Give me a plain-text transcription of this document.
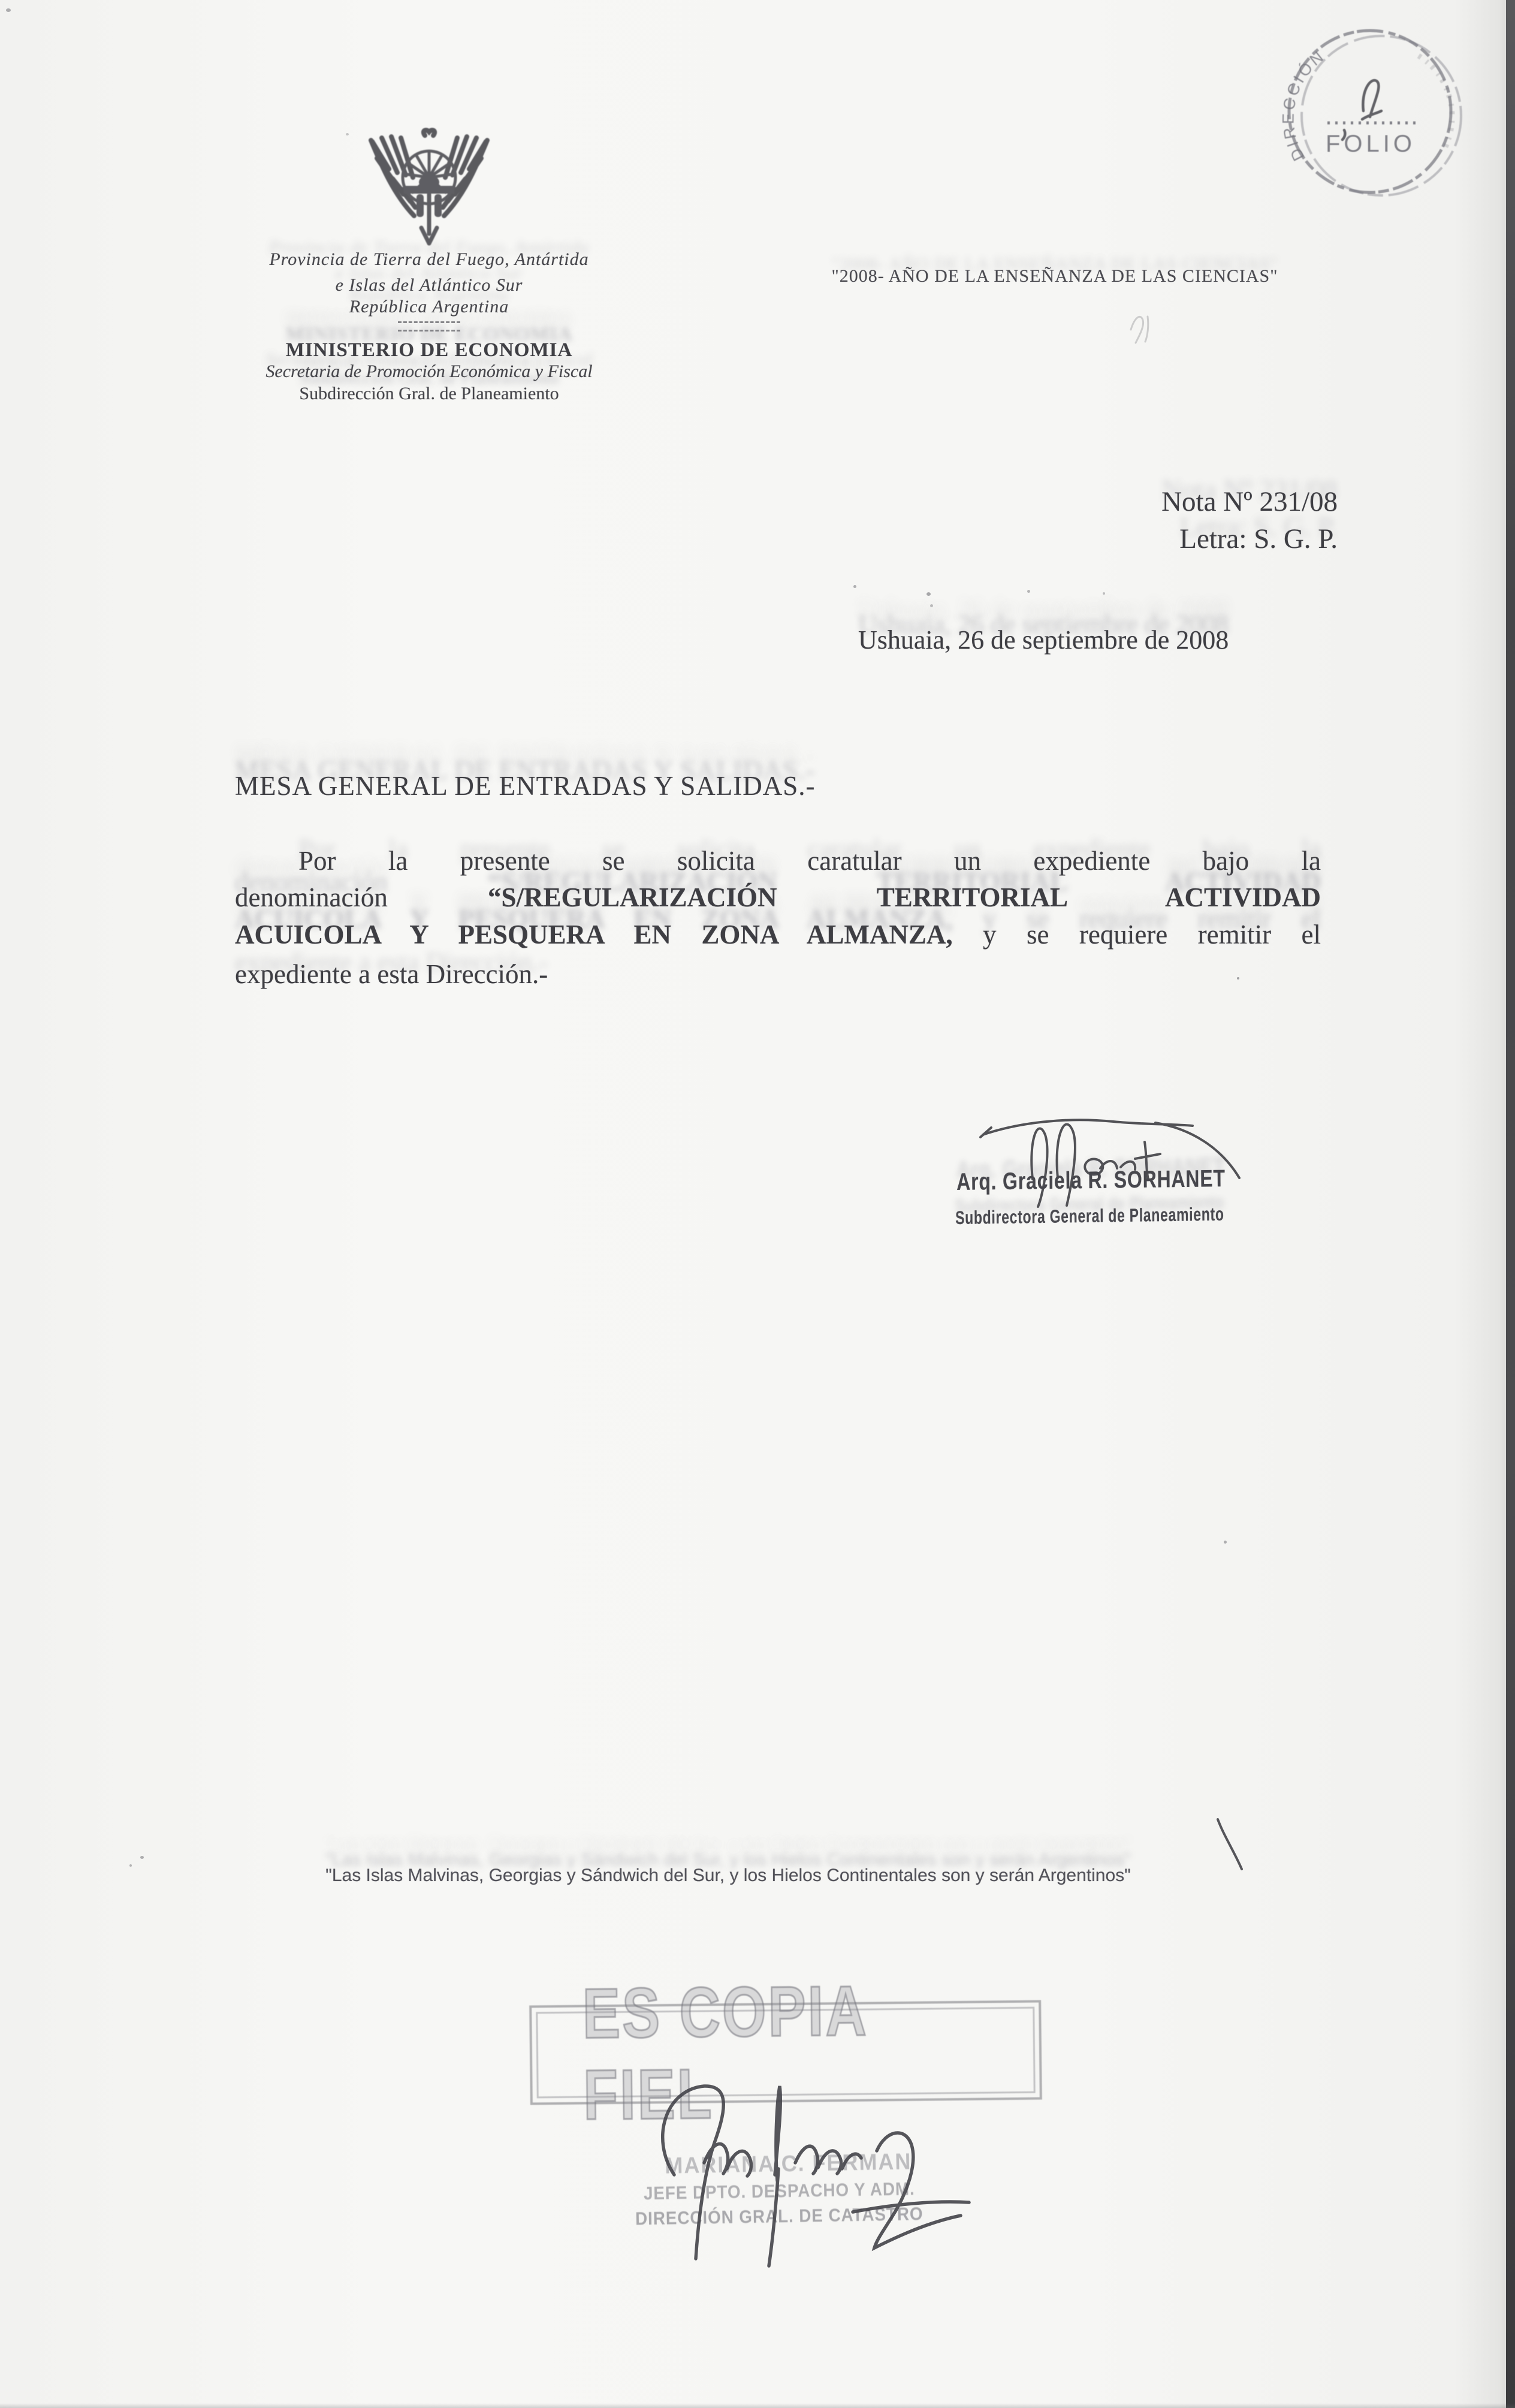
Provincia de Tierra del Fuego, Antártida
e Islas del Atlántico Sur
República Argentina
MINISTERIO DE ECONOMIA
Secretaria de Promoción Económica y Fiscal
Subdirección Gral. de Planeamiento
"2008- AÑO DE LA ENSEÑANZA DE LAS CIENCIAS"
DIRECCIÓN
FOLIO
Nota Nº 231/08
Letra: S. G. P.
Ushuaia, 26 de septiembre de 2008
MESA GENERAL DE ENTRADAS Y SALIDAS.-
Por la presente se solicita caratular un expediente bajo la
denominación	“S/REGULARIZACIÓN TERRITORIAL ACTIVIDAD
ACUICOLA Y PESQUERA EN ZONA ALMANZA, y se requiere remitir el
expediente a esta Dirección.-
Arq. Graciela R. SORHANET
Subdirectora General de Planeamiento
"Las Islas Malvinas, Georgias y Sándwich del Sur, y los Hielos Continentales son y serán Argentinos"
ES COPIA FIEL
MARIANA C. FERMAN
JEFE DPTO. DESPACHO Y ADM.
DIRECCIÓN GRAL. DE CATASTRO
